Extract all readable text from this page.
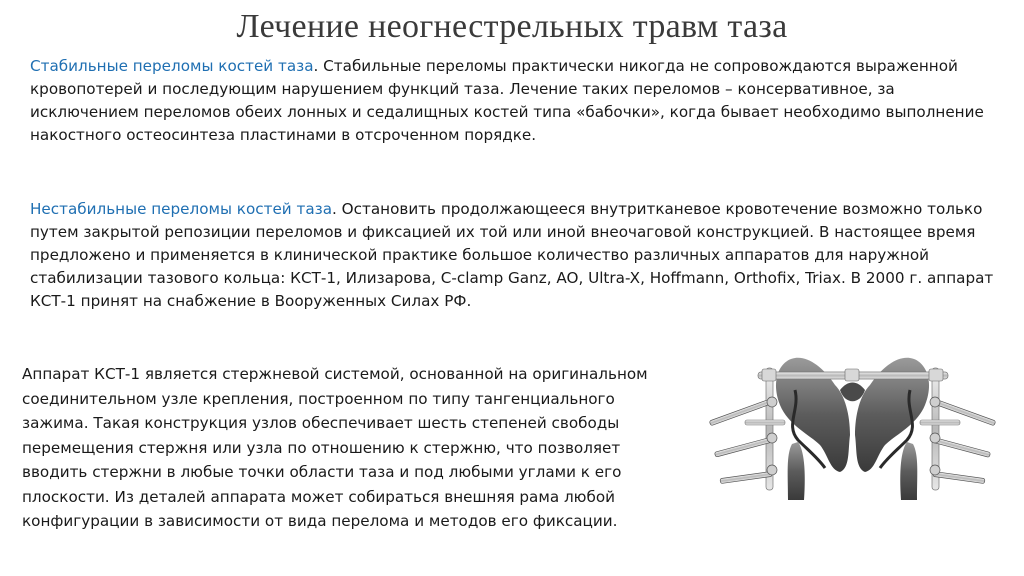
Лечение неогнестрельных травм таза

Стабильные переломы костей таза. Стабильные переломы практически никогда не сопровождаются выраженной кровопотерей и последующим нарушением функций таза. Лечение таких переломов – консервативное, за исключением переломов обеих лонных и седалищных костей типа «бабочки», когда бывает необходимо выполнение накостного остеосинтеза пластинами в отсроченном порядке.

Нестабильные переломы костей таза. Остановить продолжающееся внутритканевое кровотечение возможно только путем закрытой репозиции переломов и фиксацией их той или иной внеочаговой конструкцией. В настоящее время предложено и применяется в клинической практике большое количество различных аппаратов для наружной стабилизации тазового кольца: КСТ-1, Илизарова, С-clamp Ganz, AO, Ultra-X, Hoffmann, Orthofix, Triax. В 2000 г. аппарат КСТ-1 принят на снабжение в Вооруженных Силах РФ.

Аппарат КСТ-1 является стержневой системой, основанной на оригинальном соединительном узле крепления, построенном по типу тангенциального зажима. Такая конструкция узлов обеспечивает шесть степеней свободы перемещения стержня или узла по отношению к стержню, что позволяет вводить стержни в любые точки области таза и под любыми углами к его плоскости. Из деталей аппарата может собираться внешняя рама любой конфигурации в зависимости от вида перелома и методов его фиксации.
